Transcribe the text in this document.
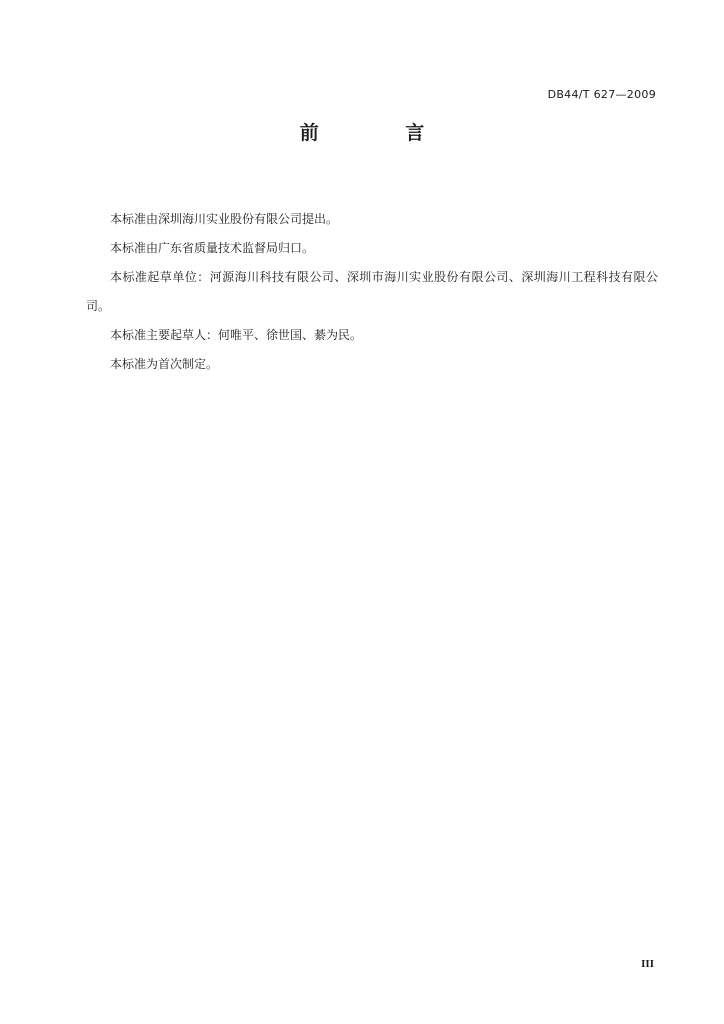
DB44/T 627—2009
前 言

本标准由深圳海川实业股份有限公司提出。

本标准由广东省质量技术监督局归口。

本标准起草单位：河源海川科技有限公司、深圳市海川实业股份有限公司、深圳海川工程科技有限公司。

本标准主要起草人：何唯平、徐世国、綦为民。

本标准为首次制定。

III
